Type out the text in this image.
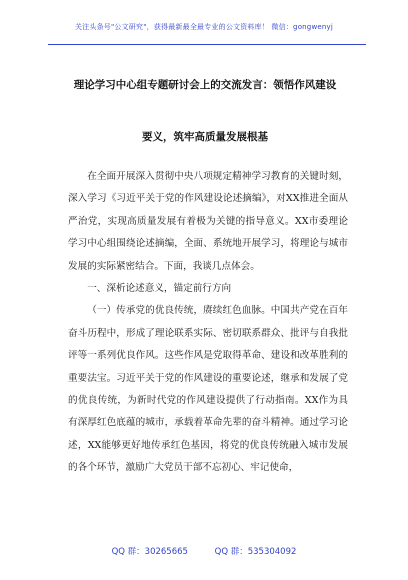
关注头条号"公文研究"，获得最新最全最专业的公文资料库！ 微信：gongwenyj
理论学习中心组专题研讨会上的交流发言：领悟作风建设
要义，筑牢高质量发展根基

在全面开展深入贯彻中央八项规定精神学习教育的关键时刻，深入学习《习近平关于党的作风建设论述摘编》，对XX推进全面从严治党，实现高质量发展有着极为关键的指导意义。XX市委理论学习中心组围绕论述摘编，全面、系统地开展学习，将理论与城市发展的实际紧密结合。下面，我谈几点体会。

一、深析论述意义，锚定前行方向

（一）传承党的优良传统，赓续红色血脉。中国共产党在百年奋斗历程中，形成了理论联系实际、密切联系群众、批评与自我批评等一系列优良作风。这些作风是党取得革命、建设和改革胜利的重要法宝。习近平关于党的作风建设的重要论述，继承和发展了党的优良传统，为新时代党的作风建设提供了行动指南。XX作为具有深厚红色底蕴的城市，承载着革命先辈的奋斗精神。通过学习论述，XX能够更好地传承红色基因，将党的优良传统融入城市发展的各个环节，激励广大党员干部不忘初心、牢记使命，

QQ 群：30265665	QQ 群：535304092
